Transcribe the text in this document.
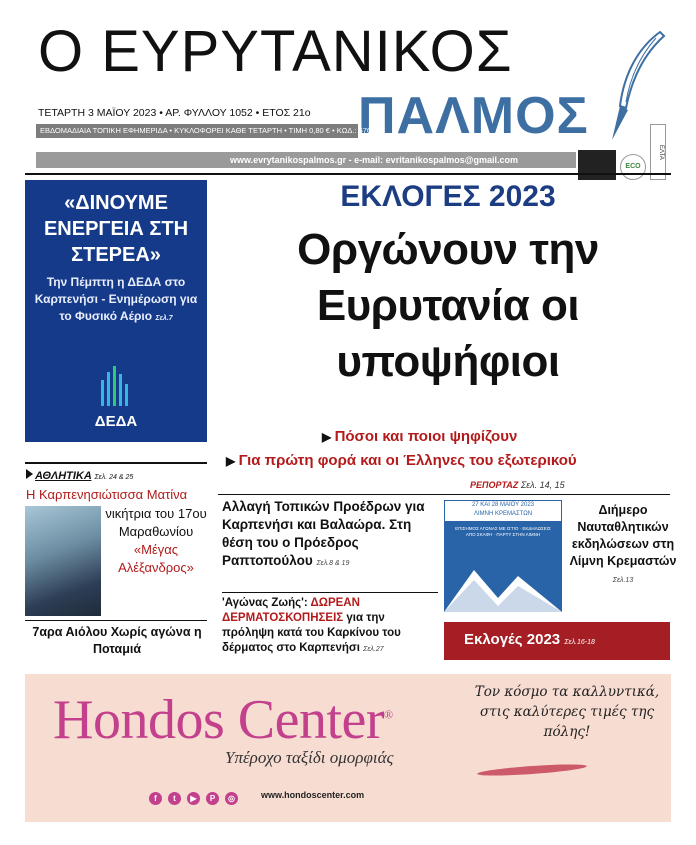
Ο ΕΥΡΥΤΑΝΙΚΟΣ
ΠΑΛΜΟΣ
ΤΕΤΑΡΤΗ 3 ΜΑΪΟΥ 2023 • ΑΡ. ΦΥΛΛΟΥ 1052 • ΕΤΟΣ 21ο
ΕΒΔΟΜΑΔΙΑΙΑ ΤΟΠΙΚΗ ΕΦΗΜΕΡΙΔΑ • ΚΥΚΛΟΦΟΡΕΙ ΚΑΘΕ ΤΕΤΑΡΤΗ • ΤΙΜΗ 0,80 € • ΚΩΔ.: 6763
www.evrytanikospalmos.gr - e-mail: evritanikospalmos@gmail.com
ECO
ΕΛΤΑ
«ΔΙΝΟΥΜΕ ΕΝΕΡΓΕΙΑ ΣΤΗ ΣΤΕΡΕΑ»
Την Πέμπτη η ΔΕΔΑ στο Καρπενήσι - Ενημέρωση για το Φυσικό Αέριο Σελ.7
ΔΕΔΑ
ΑΘΛΗΤΙΚΑ Σελ. 24 & 25
Η Καρπενησιώτισσα Ματίνα
νικήτρια του 17ου Μαραθωνίου «Μέγας Αλέξανδρος»
7αρα Αιόλου Χωρίς αγώνα η Ποταμιά
ΕΚΛΟΓΕΣ 2023
Οργώνουν την Ευρυτανία οι υποψήφιοι
▶ Πόσοι και ποιοι ψηφίζουν
▶ Για πρώτη φορά και οι Έλληνες του εξωτερικού
ΡΕΠΟΡΤΑΖ Σελ. 14, 15
Αλλαγή Τοπικών Προέδρων για Καρπενήσι και Βαλαώρα. Στη θέση του ο Πρόεδρος Ραπτοπούλου Σελ.8 & 19
'Αγώνας Ζωής': ΔΩΡΕΑΝ ΔΕΡΜΑΤΟΣΚΟΠΗΣΕΙΣ για την πρόληψη κατά του Καρκίνου του δέρματος στο Καρπενήσι Σελ.27
27 ΚΑΙ 28 ΜΑΪΟΥ 2023
ΛΙΜΝΗ ΚΡΕΜΑΣΤΩΝ
ΕΠΙΣΗΜΟΣ ΑΓΩΝΑΣ ΜΕ ΙΣΤΙΟ · ΕΚΔΗΛΩΣΕΙΣ ΑΠΟ ΣΚΑΦΗ · ΠΑΡΤΥ ΣΤΗΝ ΛΙΜΝΗ
Διήμερο Ναυταθλητικών εκδηλώσεων στη Λίμνη Κρεμαστών
Σελ.13
Εκλογές 2023 Σελ.16-18
Hondos Center®
Υπέροχο ταξίδι ομορφιάς
Τον κόσμο τα καλλυντικά, στις καλύτερες τιμές της πόλης!
f t ▶ P ◎	www.hondoscenter.com
